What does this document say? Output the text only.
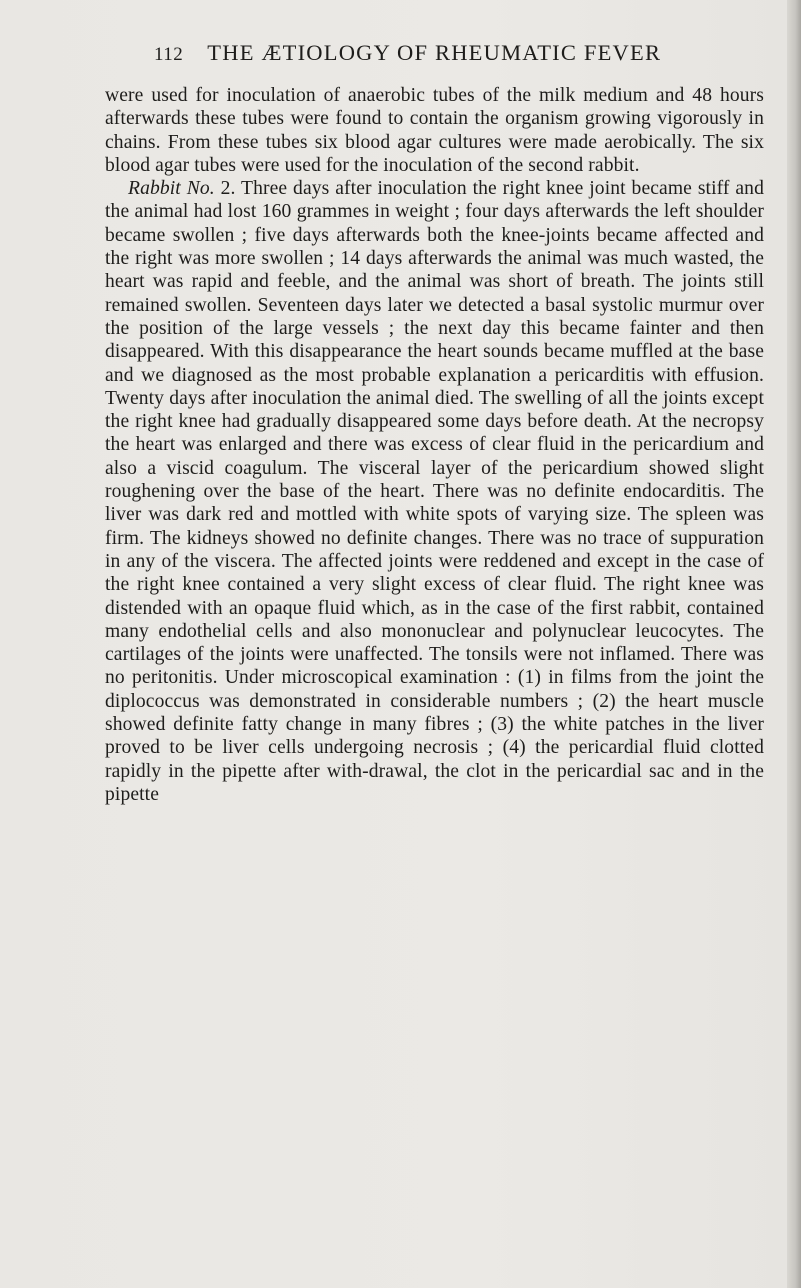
112 THE ÆTIOLOGY OF RHEUMATIC FEVER

were used for inoculation of anaerobic tubes of the milk medium and 48 hours afterwards these tubes were found to contain the organism growing vigorously in chains. From these tubes six blood agar cultures were made aerobically. The six blood agar tubes were used for the inoculation of the second rabbit.

Rabbit No. 2. Three days after inoculation the right knee joint became stiff and the animal had lost 160 grammes in weight ; four days afterwards the left shoulder became swollen ; five days afterwards both the knee-joints became affected and the right was more swollen ; 14 days afterwards the animal was much wasted, the heart was rapid and feeble, and the animal was short of breath. The joints still remained swollen. Seventeen days later we detected a basal systolic murmur over the position of the large vessels ; the next day this became fainter and then disappeared. With this disappearance the heart sounds became muffled at the base and we diagnosed as the most probable explanation a pericarditis with effusion. Twenty days after inoculation the animal died. The swelling of all the joints except the right knee had gradually disappeared some days before death. At the necropsy the heart was enlarged and there was excess of clear fluid in the pericardium and also a viscid coagulum. The visceral layer of the pericardium showed slight roughening over the base of the heart. There was no definite endocarditis. The liver was dark red and mottled with white spots of varying size. The spleen was firm. The kidneys showed no definite changes. There was no trace of suppuration in any of the viscera. The affected joints were reddened and except in the case of the right knee contained a very slight excess of clear fluid. The right knee was distended with an opaque fluid which, as in the case of the first rabbit, contained many endothelial cells and also mononuclear and polynuclear leucocytes. The cartilages of the joints were unaffected. The tonsils were not inflamed. There was no peritonitis. Under microscopical examination : (1) in films from the joint the diplococcus was demonstrated in considerable numbers ; (2) the heart muscle showed definite fatty change in many fibres ; (3) the white patches in the liver proved to be liver cells undergoing necrosis ; (4) the pericardial fluid clotted rapidly in the pipette after with-drawal, the clot in the pericardial sac and in the pipette
